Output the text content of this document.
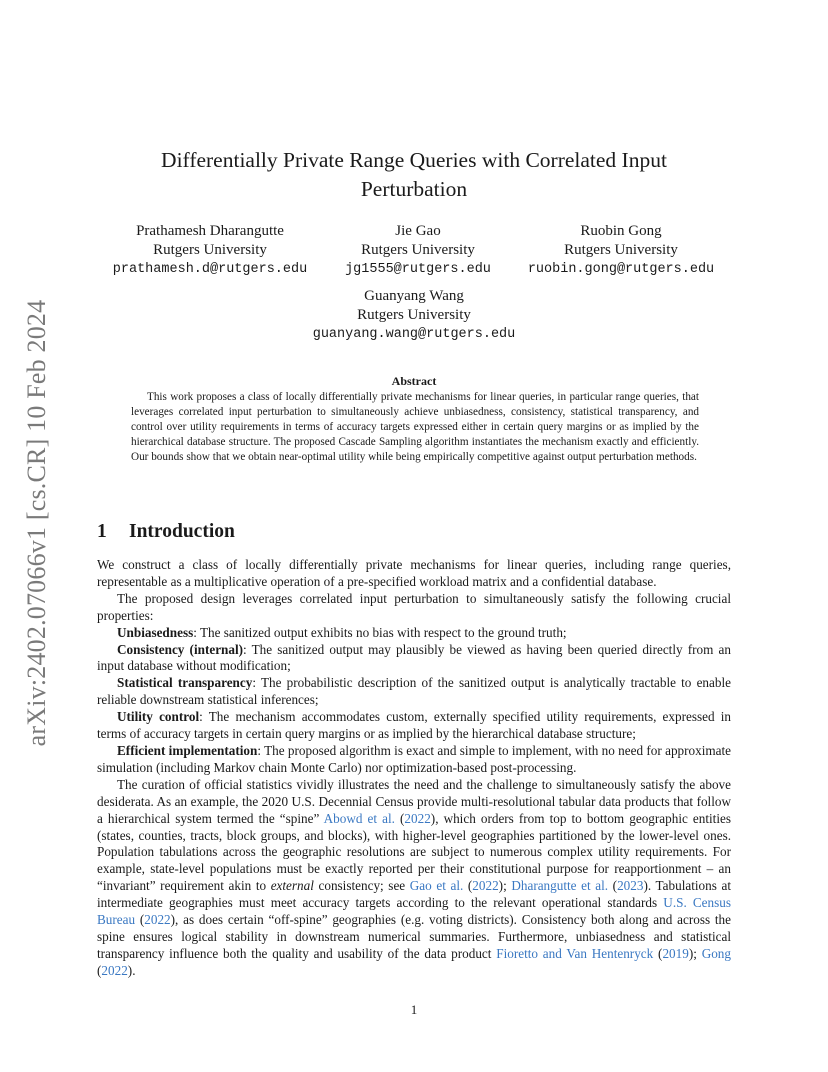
arXiv:2402.07066v1 [cs.CR] 10 Feb 2024
Differentially Private Range Queries with Correlated Input Perturbation
Prathamesh Dharangutte
Rutgers University
prathamesh.d@rutgers.edu
Jie Gao
Rutgers University
jg1555@rutgers.edu
Ruobin Gong
Rutgers University
ruobin.gong@rutgers.edu
Guanyang Wang
Rutgers University
guanyang.wang@rutgers.edu
Abstract
This work proposes a class of locally differentially private mechanisms for linear queries, in particular range queries, that leverages correlated input perturbation to simultaneously achieve unbiasedness, consistency, statistical transparency, and control over utility requirements in terms of accuracy targets expressed either in certain query margins or as implied by the hierarchical database structure. The proposed Cascade Sampling algorithm instantiates the mechanism exactly and efficiently. Our bounds show that we obtain near-optimal utility while being empirically competitive against output perturbation methods.
1 Introduction

We construct a class of locally differentially private mechanisms for linear queries, including range queries, representable as a multiplicative operation of a pre-specified workload matrix and a confidential database.

The proposed design leverages correlated input perturbation to simultaneously satisfy the following crucial properties:

Unbiasedness: The sanitized output exhibits no bias with respect to the ground truth;

Consistency (internal): The sanitized output may plausibly be viewed as having been queried directly from an input database without modification;

Statistical transparency: The probabilistic description of the sanitized output is analytically tractable to enable reliable downstream statistical inferences;

Utility control: The mechanism accommodates custom, externally specified utility requirements, expressed in terms of accuracy targets in certain query margins or as implied by the hierarchical database structure;

Efficient implementation: The proposed algorithm is exact and simple to implement, with no need for approximate simulation (including Markov chain Monte Carlo) nor optimization-based post-processing.

The curation of official statistics vividly illustrates the need and the challenge to simultaneously satisfy the above desiderata. As an example, the 2020 U.S. Decennial Census provide multi-resolutional tabular data products that follow a hierarchical system termed the “spine” Abowd et al. (2022), which orders from top to bottom geographic entities (states, counties, tracts, block groups, and blocks), with higher-level geographies partitioned by the lower-level ones. Population tabulations across the geographic resolutions are subject to numerous complex utility requirements. For example, state-level populations must be exactly reported per their constitutional purpose for reapportionment – an “invariant” requirement akin to external consistency; see Gao et al. (2022); Dharangutte et al. (2023). Tabulations at intermediate geographies must meet accuracy targets according to the relevant operational standards U.S. Census Bureau (2022), as does certain “off-spine” geographies (e.g. voting districts). Consistency both along and across the spine ensures logical stability in downstream numerical summaries. Furthermore, unbiasedness and statistical transparency influence both the quality and usability of the data product Fioretto and Van Hentenryck (2019); Gong (2022).

1
